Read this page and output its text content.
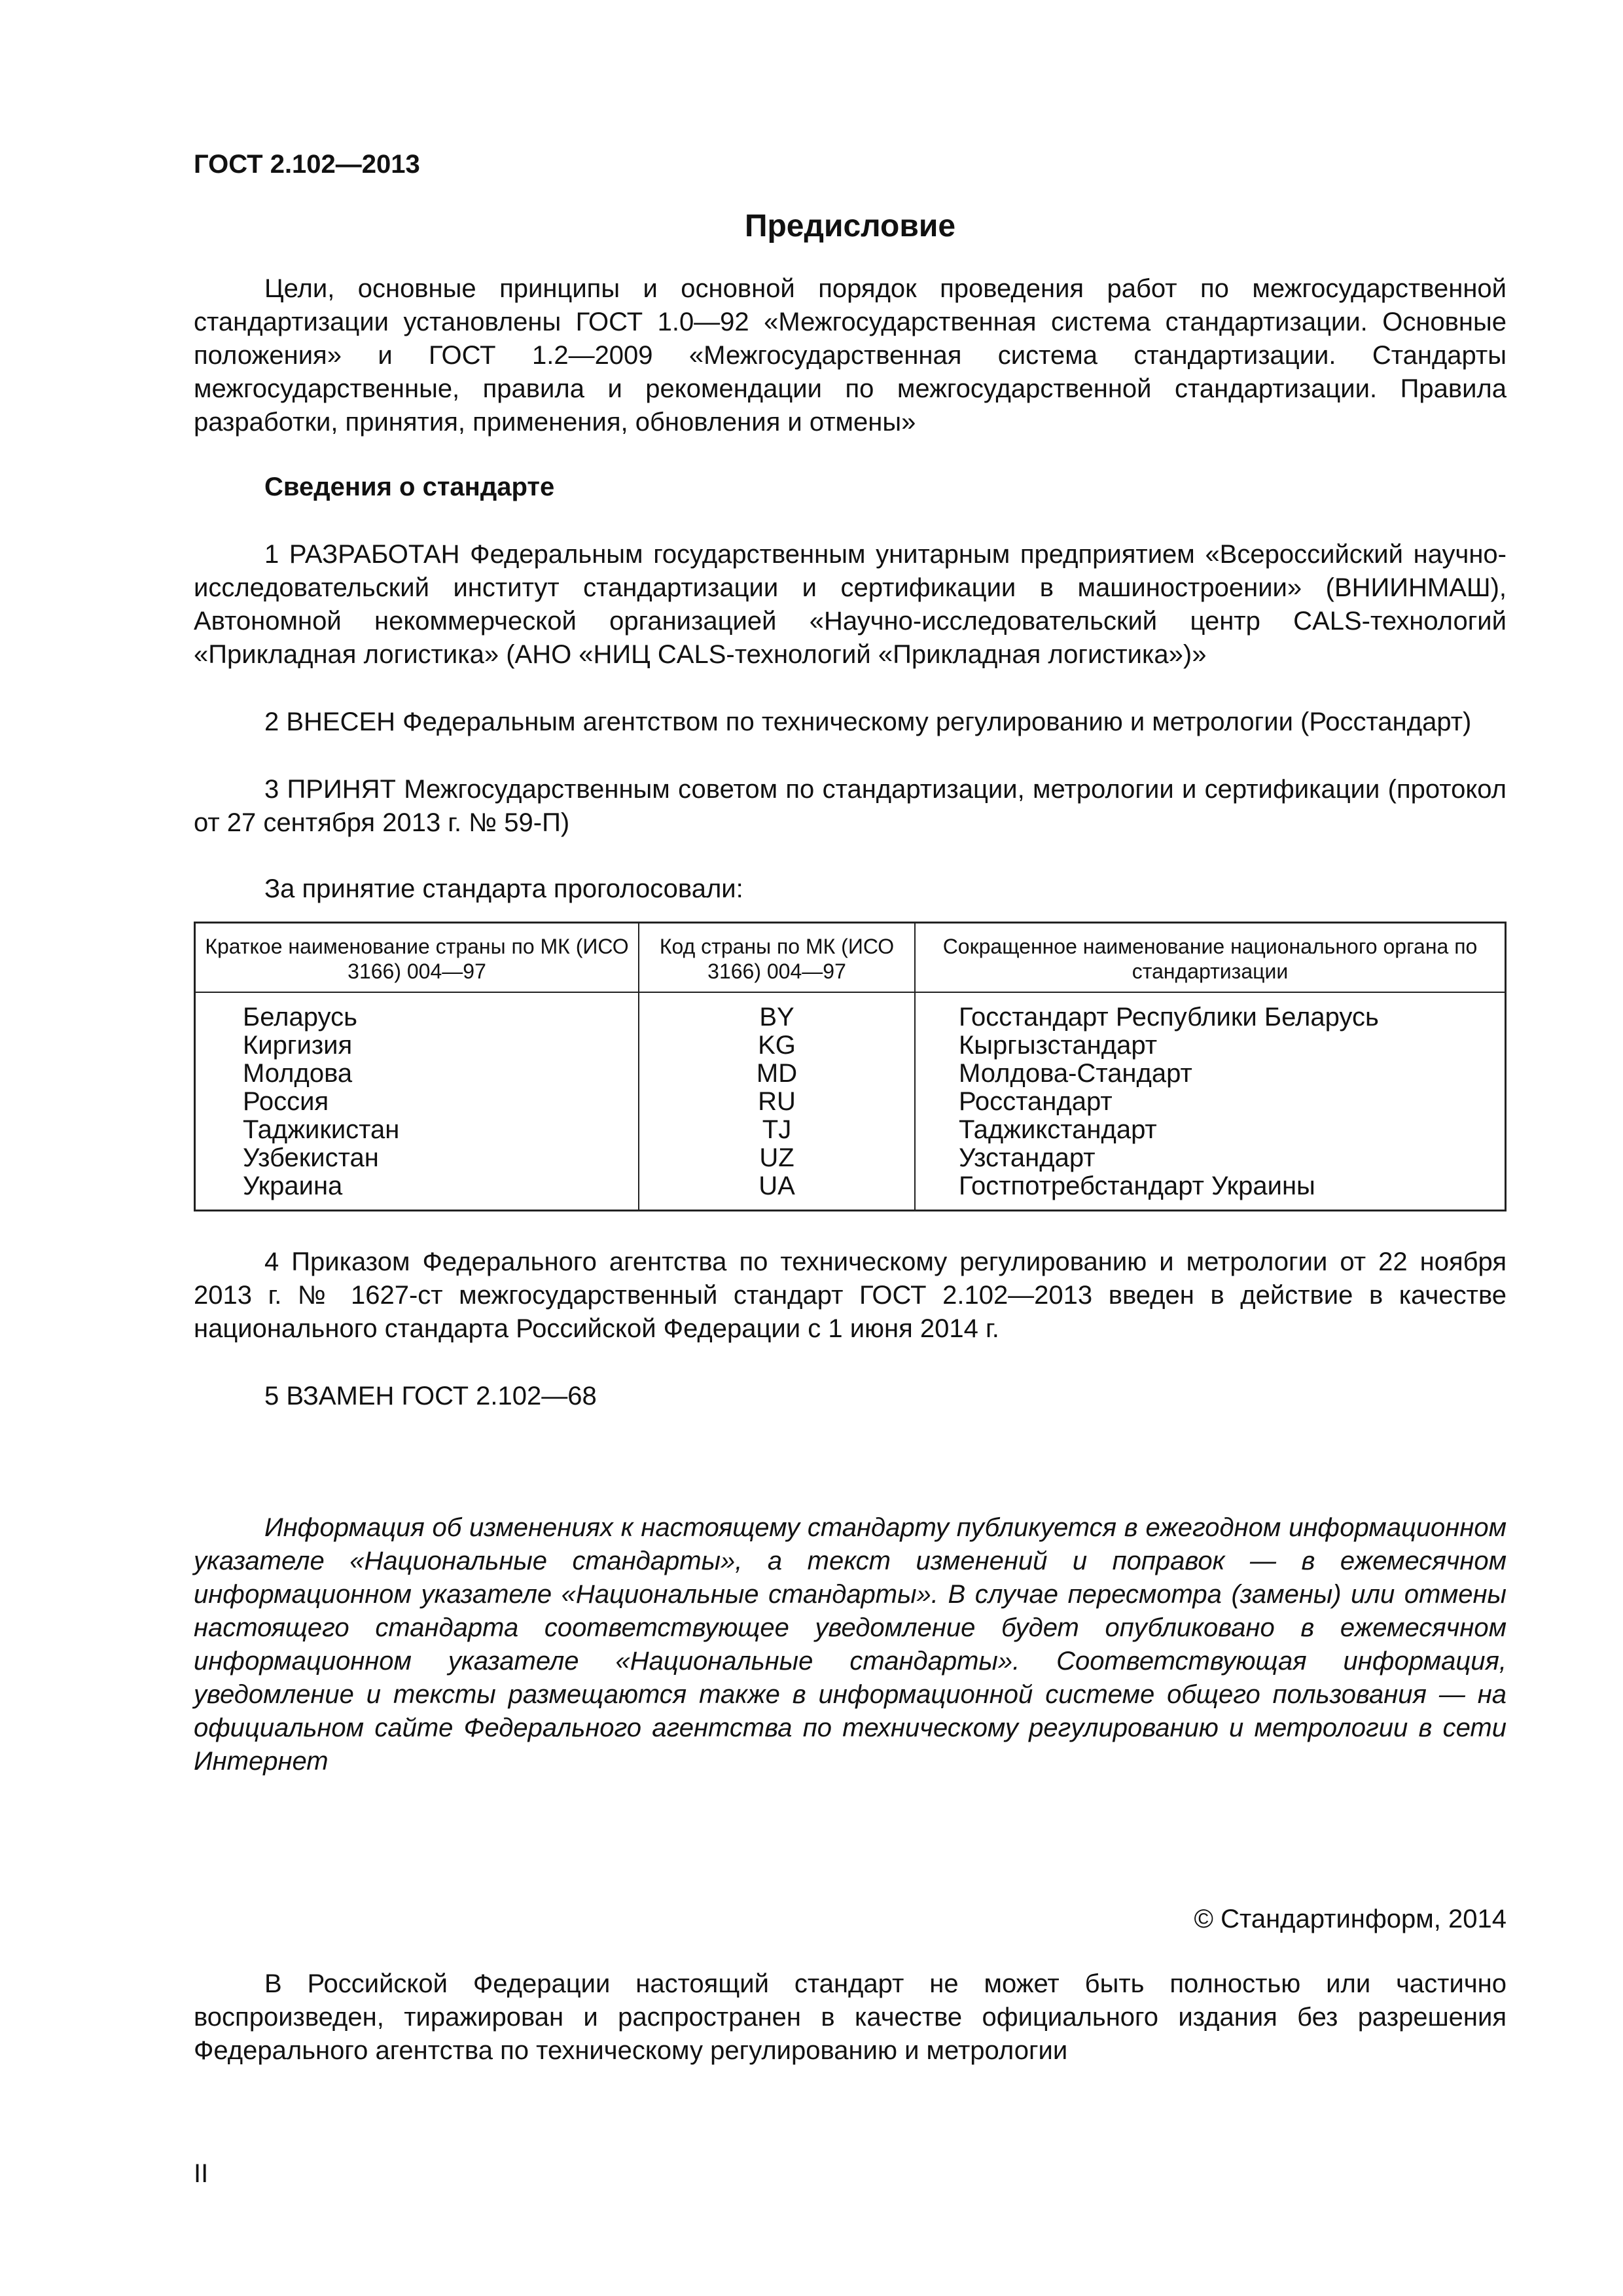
ГОСТ 2.102—2013
Предисловие

Цели, основные принципы и основной порядок проведения работ по межгосударственной стандартизации установлены ГОСТ 1.0—92 «Межгосударственная система стандартизации. Основные положения» и ГОСТ 1.2—2009 «Межгосударственная система стандартизации. Стандарты межгосударственные, правила и рекомендации по межгосударственной стандартизации. Правила разработки, принятия, применения, обновления и отмены»

Сведения о стандарте

1 РАЗРАБОТАН Федеральным государственным унитарным предприятием «Всероссийский научно-исследовательский институт стандартизации и сертификации в машиностроении» (ВНИИНМАШ), Автономной некоммерческой организацией «Научно-исследовательский центр CALS-технологий «Прикладная логистика» (АНО «НИЦ CALS-технологий «Прикладная логистика»)»

2 ВНЕСЕН Федеральным агентством по техническому регулированию и метрологии (Росстандарт)

3 ПРИНЯТ Межгосударственным советом по стандартизации, метрологии и сертификации (протокол от 27 сентября 2013 г. № 59-П)

За принятие стандарта проголосовали:

Краткое наименование страны по МК (ИСО 3166) 004—97	Код страны по МК (ИСО 3166) 004—97	Сокращенное наименование национального органа по стандартизации
Беларусь	BY	Госстандарт Республики Беларусь
Киргизия	KG	Кыргызстандарт
Молдова	MD	Молдова-Стандарт
Россия	RU	Росстандарт
Таджикистан	TJ	Таджикстандарт
Узбекистан	UZ	Узстандарт
Украина	UA	Гостпотребстандарт Украины

4 Приказом Федерального агентства по техническому регулированию и метрологии от 22 ноября 2013 г. № 1627-ст межгосударственный стандарт ГОСТ 2.102—2013 введен в действие в качестве национального стандарта Российской Федерации с 1 июня 2014 г.

5 ВЗАМЕН ГОСТ 2.102—68

Информация об изменениях к настоящему стандарту публикуется в ежегодном информационном указателе «Национальные стандарты», а текст изменений и поправок — в ежемесячном информационном указателе «Национальные стандарты». В случае пересмотра (замены) или отмены настоящего стандарта соответствующее уведомление будет опубликовано в ежемесячном информационном указателе «Национальные стандарты». Соответствующая информация, уведомление и тексты размещаются также в информационной системе общего пользования — на официальном сайте Федерального агентства по техническому регулированию и метрологии в сети Интернет

© Стандартинформ, 2014

В Российской Федерации настоящий стандарт не может быть полностью или частично воспроизведен, тиражирован и распространен в качестве официального издания без разрешения Федерального агентства по техническому регулированию и метрологии

II
